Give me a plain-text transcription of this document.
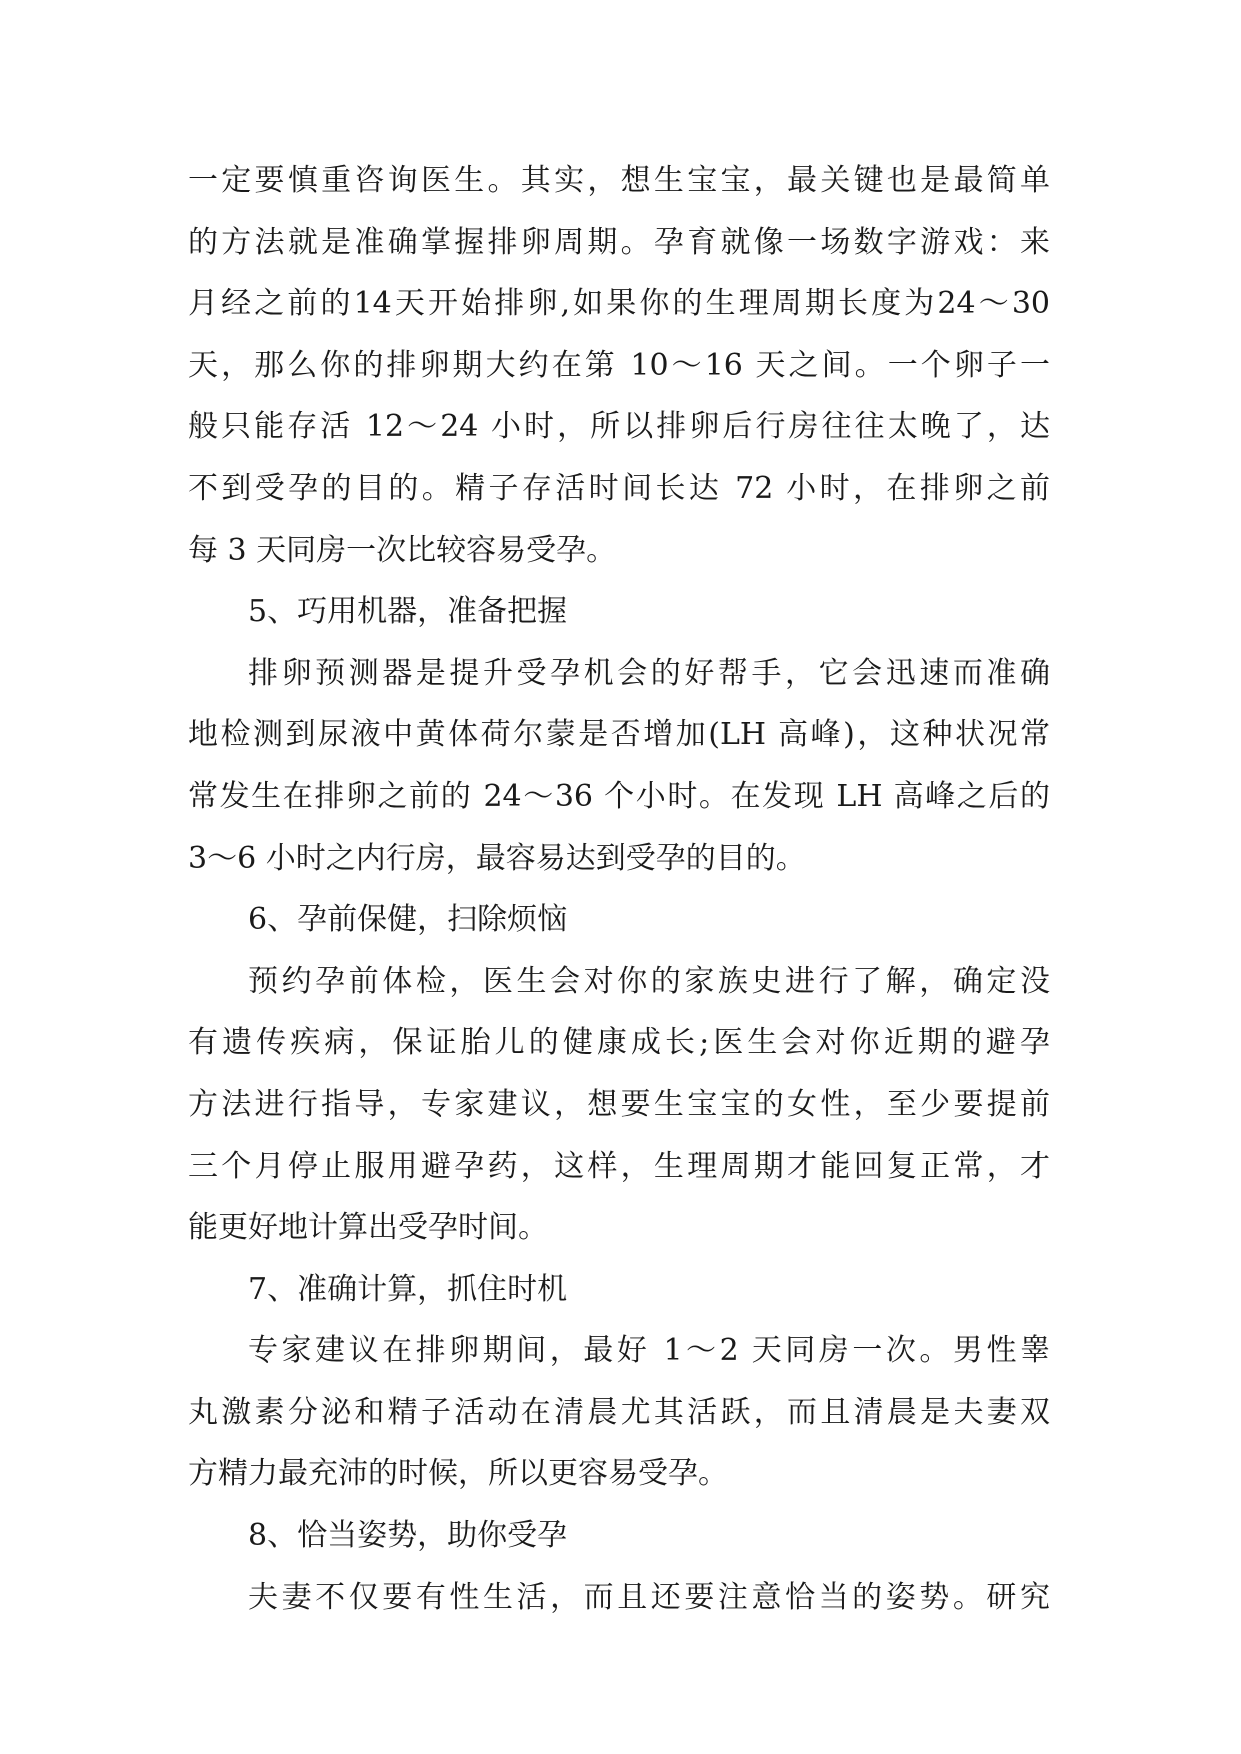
一定要慎重咨询医生。其实，想生宝宝，最关键也是最简单
的方法就是准确掌握排卵周期。孕育就像一场数字游戏：来
月经之前的14天开始排卵,如果你的生理周期长度为24～30
天，那么你的排卵期大约在第 10～16 天之间。一个卵子一
般只能存活 12～24 小时，所以排卵后行房往往太晚了，达
不到受孕的目的。精子存活时间长达 72 小时，在排卵之前
每 3 天同房一次比较容易受孕。
5、巧用机器，准备把握
排卵预测器是提升受孕机会的好帮手，它会迅速而准确
地检测到尿液中黄体荷尔蒙是否增加(LH 高峰)，这种状况常
常发生在排卵之前的 24～36 个小时。在发现 LH 高峰之后的
3～6 小时之内行房，最容易达到受孕的目的。
6、孕前保健，扫除烦恼
预约孕前体检，医生会对你的家族史进行了解，确定没
有遗传疾病，保证胎儿的健康成长;医生会对你近期的避孕
方法进行指导，专家建议，想要生宝宝的女性，至少要提前
三个月停止服用避孕药，这样，生理周期才能回复正常，才
能更好地计算出受孕时间。
7、准确计算，抓住时机
专家建议在排卵期间，最好 1～2 天同房一次。男性睾
丸激素分泌和精子活动在清晨尤其活跃，而且清晨是夫妻双
方精力最充沛的时候，所以更容易受孕。
8、恰当姿势，助你受孕
夫妻不仅要有性生活，而且还要注意恰当的姿势。研究
